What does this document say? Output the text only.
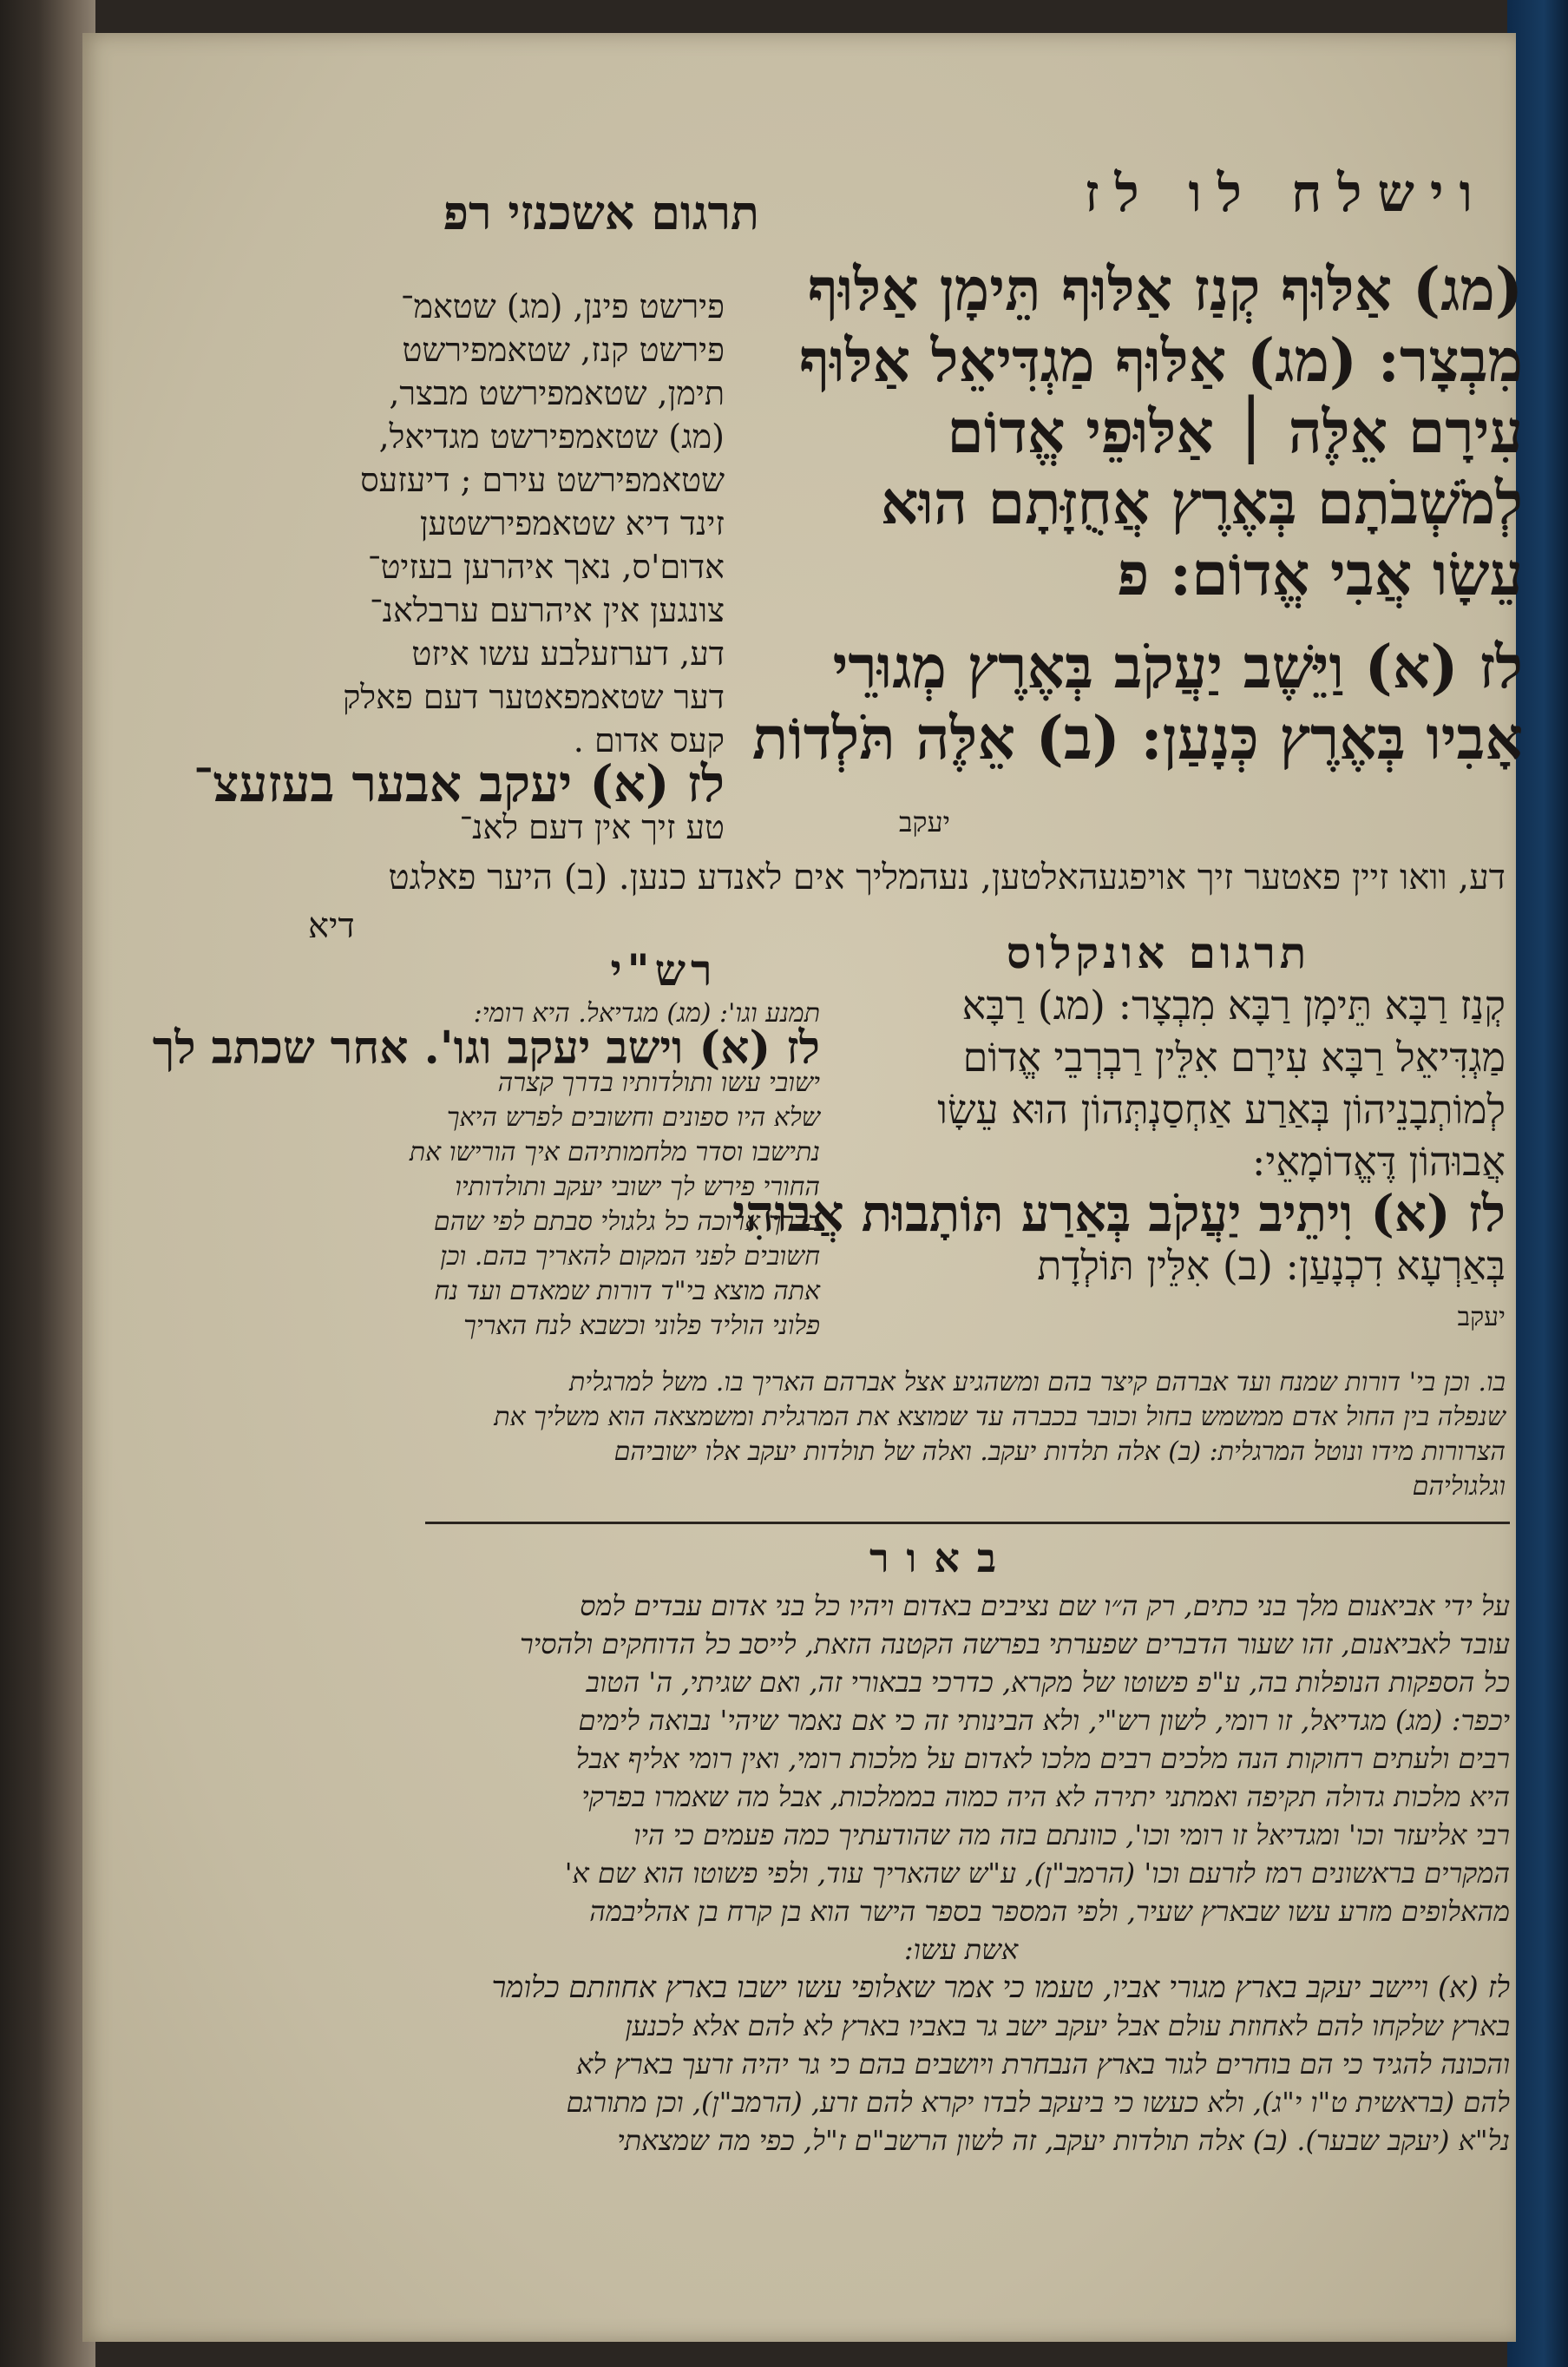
וישלח לו לז
תרגום אשכנזי רפ

(מג) אַלּוּף קְנַז אַלּוּף תֵּימָן אַלּוּף

מִבְצָר: (מג) אַלּוּף מַגְדִּיאֵל אַלּוּף

עִירָם אֵלֶּה ׀ אַלּוּפֵי אֱדוֹם

לְמֹשְׁבֹתָם בְּאֶרֶץ אֲחֻזָּתָם הוּא

עֵשָׂו אֲבִי אֱדוֹם: פ

לז (א) וַיֵּשֶׁב יַעֲקֹב בְּאֶרֶץ מְגוּרֵי

אָבִיו בְּאֶרֶץ כְּנָעַן: (ב) אֵלֶּה תֹּלְדוֹת

יעקב

פירשט פינן, (מג) שטאמ־

פירשט קנז, שטאמפירשט

תימן, שטאמפירשט מבצר,

(מג) שטאמפירשט מגדיאל,

שטאמפירשט עירם ; דיעזעס

זינד דיא שטאמפירשטען

אדום'ס, נאך איהרען בעזיט־

צונגען אין איהרעם ערבלאנ־

דע, דערזעלבע עשו איזט

דער שטאמפאטער דעם פאלק

קעס אדום .

לז (א) יעקב אבער בעזעצ־

טע זיך אין דעם לאנ־

דע, וואו זיין פאטער זיך אויפגעהאלטען, נעהמליך אים לאנדע כנען. (ב) היער פאלגט

דיא

תרגום אונקלוס
רש"י

קְנַז רַבָּא תֵּימָן רַבָּא מִבְצָר: (מג) רַבָּא

מַגְדִּיאֵל רַבָּא עִירָם אִלֵּין רַבְרְבֵי אֱדוֹם

לְמוֹתְבָנֵיהוֹן בְּאַרַע אַחְסַנְתְּהוֹן הוּא עֵשָׂו

אֲבוּהוֹן דֶּאֱדוֹמָאֵי:

לז (א) וִיתֵיב יַעֲקֹב בְּאַרַע תּוֹתָבוּת אֲבוּהִי

בְּאַרְעָא דִכְנָעַן: (ב) אִלֵּין תּוֹלְדָת

יעקב

תמנע וגו': (מג) מגדיאל. היא רומי:

לז (א) וישב יעקב וגו'. אחר שכתב לך

ישובי עשו ותולדותיו בדרך קצרה

שלא היו ספונים וחשובים לפרש היאך

נתישבו וסדר מלחמותיהם איך הורישו את

החורי פירש לך ישובי יעקב ותולדותיו

בדרך ארוכה כל גלגולי סבתם לפי שהם

חשובים לפני המקום להאריך בהם. וכן

אתה מוצא בי"ד דורות שמאדם ועד נח

פלוני הוליד פלוני וכשבא לנח האריך

בו. וכן בי' דורות שמנח ועד אברהם קיצר בהם ומשהגיע אצל אברהם האריך בו. משל למרגלית

שנפלה בין החול אדם ממשמש בחול וכובר בכברה עד שמוצא את המרגלית ומשמצאה הוא משליך את

הצרורות מידו ונוטל המרגלית: (ב) אלה תלדות יעקב. ואלה של תולדות יעקב אלו ישוביהם

וגלגוליהם

באור

על ידי אביאנום מלך בני כתים, רק ה״ו שם נציבים באדום ויהיו כל בני אדום עבדים למס

עובד לאביאנום, זהו שעור הדברים שפערתי בפרשה הקטנה הזאת, לייסב כל הדוחקים ולהסיר

כל הספקות הנופלות בה, ע"פ פשוטו של מקרא, כדרכי בבאורי זה, ואם שגיתי, ה' הטוב

יכפר: (מג) מגדיאל, זו רומי, לשון רש"י, ולא הבינותי זה כי אם נאמר שיהי' נבואה לימים

רבים ולעתים רחוקות הנה מלכים רבים מלכו לאדום על מלכות רומי, ואין רומי אליף אבל

היא מלכות גדולה תקיפה ואמתני יתירה לא היה כמוה בממלכות, אבל מה שאמרו בפרקי

רבי אליעזר וכו' ומגדיאל זו רומי וכו', כוונתם בזה מה שהודעתיך כמה פעמים כי היו

המקרים בראשונים רמז לזרעם וכו' (הרמב"ן), ע"ש שהאריך עוד, ולפי פשוטו הוא שם א'

מהאלופים מזרע עשו שבארץ שעיר, ולפי המספר בספר הישר הוא בן קרח בן אהליבמה

אשת עשו:

לז (א) ויישב יעקב בארץ מגורי אביו, טעמו כי אמר שאלופי עשו ישבו בארץ אחוזתם כלומר

בארץ שלקחו להם לאחוזת עולם אבל יעקב ישב גר באביו בארץ לא להם אלא לכנען

והכונה להגיד כי הם בוחרים לגור בארץ הנבחרת ויושבים בהם כי גר יהיה זרעך בארץ לא

להם (בראשית ט"ו י"ג), ולא כעשו כי ביעקב לבדו יקרא להם זרע, (הרמב"ן), וכן מתורגם

נל"א (יעקב שבער). (ב) אלה תולדות יעקב, זה לשון הרשב"ם ז"ל, כפי מה שמצאתי
